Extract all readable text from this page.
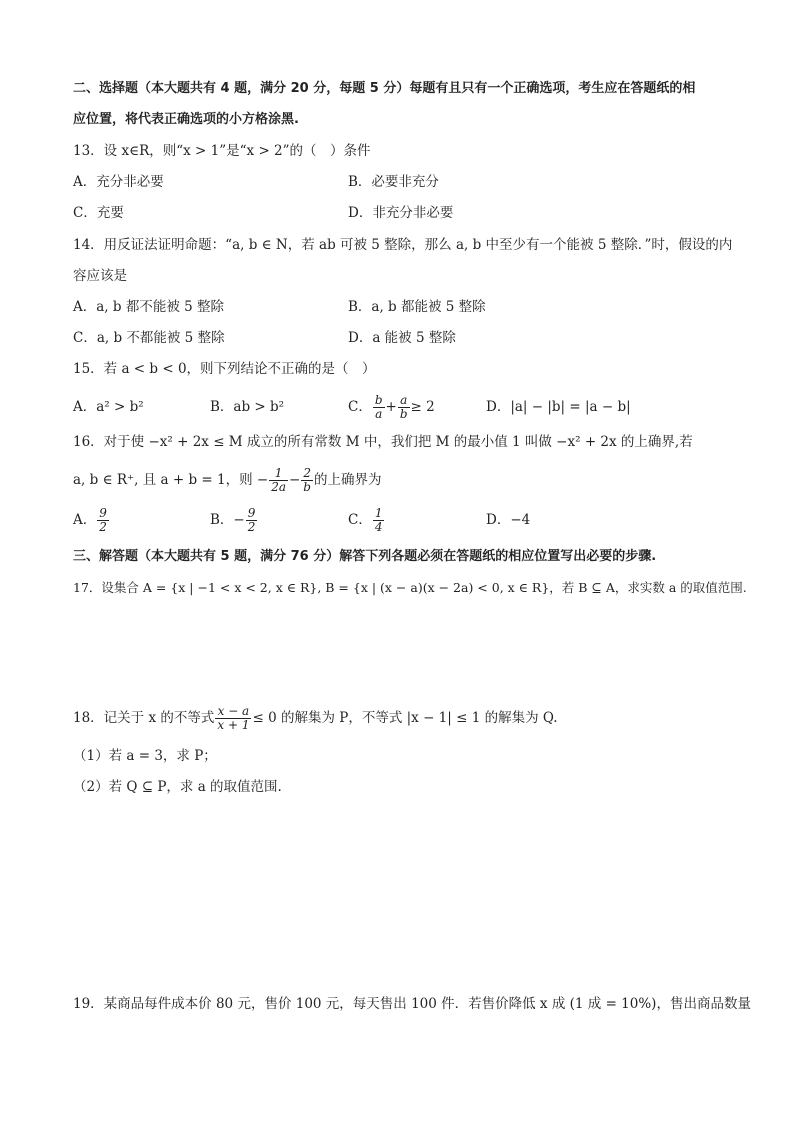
二、选择题（本大题共有 4 题，满分 20 分，每题 5 分）每题有且只有一个正确选项，考生应在答题纸的相
应位置，将代表正确选项的小方格涂黑.
13．设 x∈R，则“x > 1”是“x > 2”的（　）条件
A．充分非必要	B．必要非充分
C．充要	D．非充分非必要
14．用反证法证明命题：“a, b ∈ N，若 ab 可被 5 整除，那么 a, b 中至少有一个能被 5 整除．”时，假设的内
容应该是
A．a, b 都不能被 5 整除	B．a, b 都能被 5 整除
C．a, b 不都能被 5 整除	D．a 能被 5 整除
15．若 a < b < 0，则下列结论不正确的是（　）
A．a² > b²	B．ab > b²	C． $\frac{b}{a} + \frac{a}{b} \ge 2$	D．|a| − |b| = |a − b|
16．对于使 −x² + 2x ≤ M 成立的所有常数 M 中，我们把 M 的最小值 1 叫做 −x² + 2x 的上确界,若
a, b ∈ R⁺, 且 a + b = 1，则 − $\frac{1}{2a} - \frac{2}{b}$ 的上确界为
A． $\frac{9}{2}$	B．− $\frac{9}{2}$	C． $\frac{1}{4}$	D．−4
三、解答题（本大题共有 5 题，满分 76 分）解答下列各题必须在答题纸的相应位置写出必要的步骤.
17．设集合 A = {x | −1 < x < 2, x ∈ R}, B = {x | (x − a)(x − 2a) < 0, x ∈ R}，若 B ⊆ A，求实数 a 的取值范围.
18．记关于 x 的不等式 $\frac{x - a}{x + 1} \le 0$ 的解集为 P，不等式 |x − 1| ≤ 1 的解集为 Q.
（1）若 a = 3，求 P；
（2）若 Q ⊆ P，求 a 的取值范围.
19．某商品每件成本价 80 元，售价 100 元，每天售出 100 件．若售价降低 x 成 (1 成 = 10%)，售出商品数量
